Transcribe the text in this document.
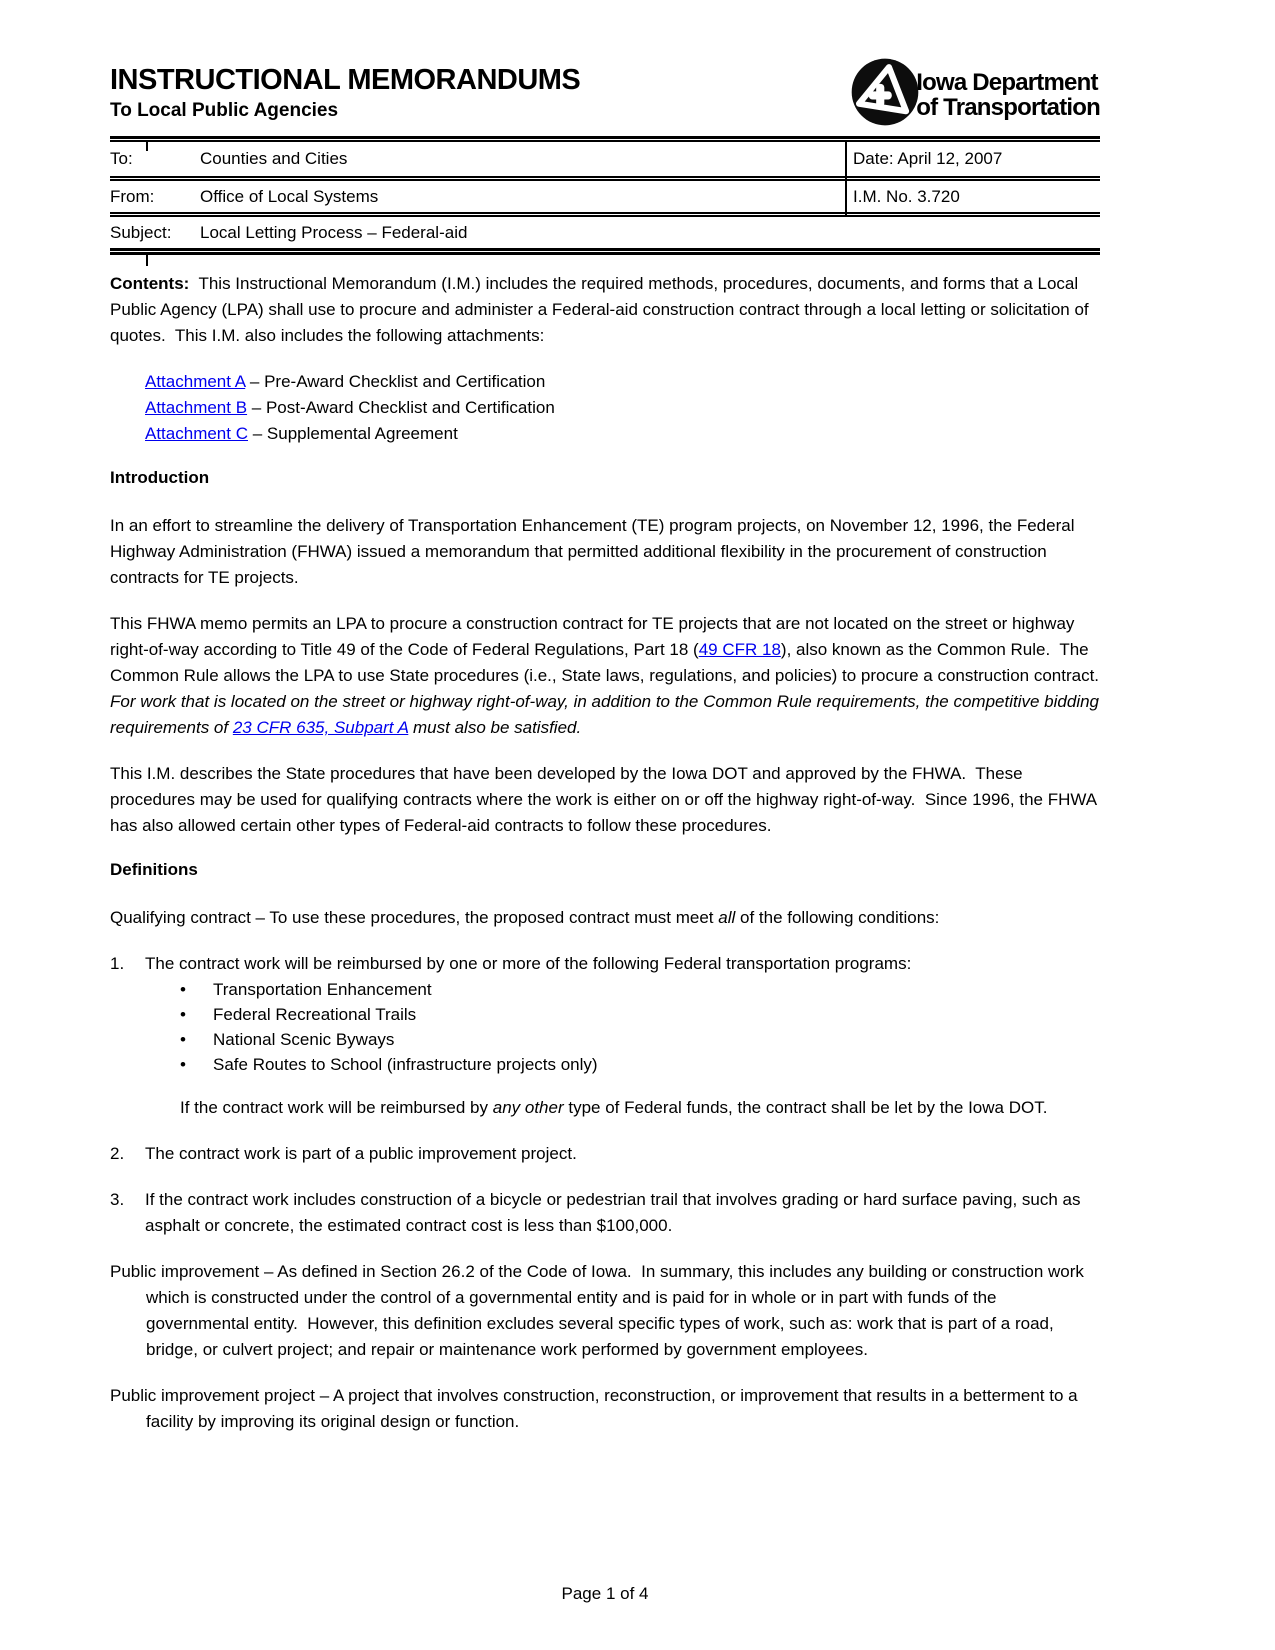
INSTRUCTIONAL MEMORANDUMS
To Local Public Agencies
Iowa Department
of Transportation
To:	Counties and Cities	Date: April 12, 2007
From:	Office of Local Systems	I.M. No. 3.720
Subject:	Local Letting Process – Federal-aid

Contents:  This Instructional Memorandum (I.M.) includes the required methods, procedures, documents, and forms that a Local Public Agency (LPA) shall use to procure and administer a Federal-aid construction contract through a local letting or solicitation of quotes.  This I.M. also includes the following attachments:

Attachment A – Pre-Award Checklist and Certification
Attachment B – Post-Award Checklist and Certification
Attachment C – Supplemental Agreement
Introduction

In an effort to streamline the delivery of Transportation Enhancement (TE) program projects, on November 12, 1996, the Federal Highway Administration (FHWA) issued a memorandum that permitted additional flexibility in the procurement of construction contracts for TE projects.

This FHWA memo permits an LPA to procure a construction contract for TE projects that are not located on the street or highway right-of-way according to Title 49 of the Code of Federal Regulations, Part 18 (49 CFR 18), also known as the Common Rule.  The Common Rule allows the LPA to use State procedures (i.e., State laws, regulations, and policies) to procure a construction contract.  For work that is located on the street or highway right-of-way, in addition to the Common Rule requirements, the competitive bidding requirements of 23 CFR 635, Subpart A must also be satisfied.

This I.M. describes the State procedures that have been developed by the Iowa DOT and approved by the FHWA.  These procedures may be used for qualifying contracts where the work is either on or off the highway right-of-way.  Since 1996, the FHWA has also allowed certain other types of Federal-aid contracts to follow these procedures.

Definitions

Qualifying contract – To use these procedures, the proposed contract must meet all of the following conditions:

1.	The contract work will be reimbursed by one or more of the following Federal transportation programs:
•	Transportation Enhancement
•	Federal Recreational Trails
•	National Scenic Byways
•	Safe Routes to School (infrastructure projects only)
If the contract work will be reimbursed by any other type of Federal funds, the contract shall be let by the Iowa DOT.
2.	The contract work is part of a public improvement project.
3.	If the contract work includes construction of a bicycle or pedestrian trail that involves grading or hard surface paving, such as asphalt or concrete, the estimated contract cost is less than $100,000.

Public improvement – As defined in Section 26.2 of the Code of Iowa.  In summary, this includes any building or construction work which is constructed under the control of a governmental entity and is paid for in whole or in part with funds of the governmental entity.  However, this definition excludes several specific types of work, such as: work that is part of a road, bridge, or culvert project; and repair or maintenance work performed by government employees.

Public improvement project – A project that involves construction, reconstruction, or improvement that results in a betterment to a facility by improving its original design or function.

Page 1 of 4
